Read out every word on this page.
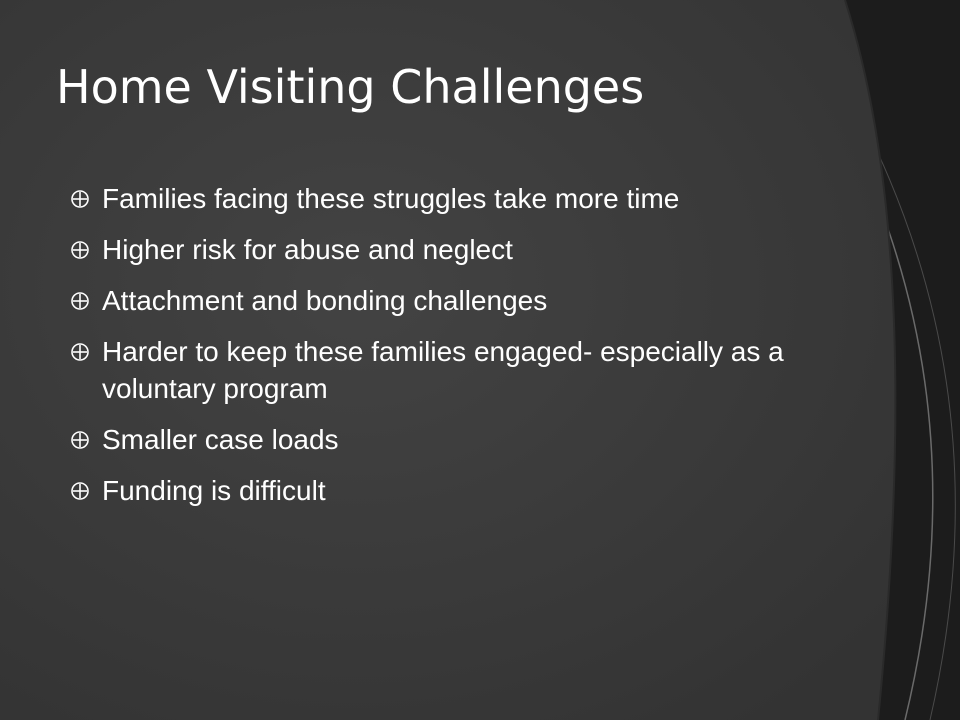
Home Visiting Challenges
Families facing these struggles take more time
Higher risk for abuse and neglect
Attachment and bonding challenges
Harder to keep these families engaged- especially as a voluntary program
Smaller case loads
Funding is difficult
